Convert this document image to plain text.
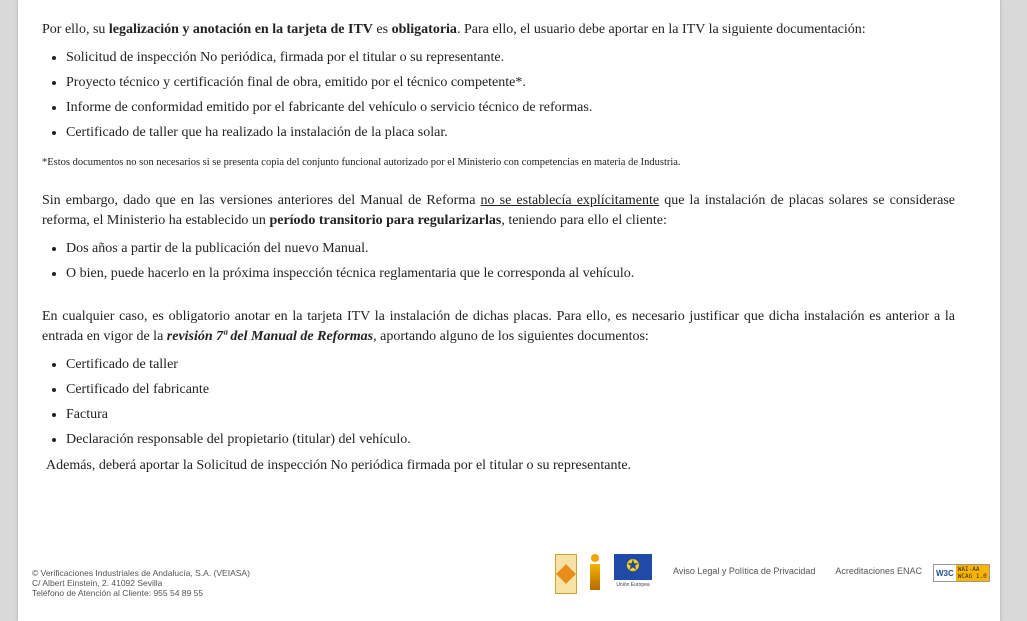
Por ello, su legalización y anotación en la tarjeta de ITV es obligatoria. Para ello, el usuario debe aportar en la ITV la siguiente documentación:

• Solicitud de inspección No periódica, firmada por el titular o su representante.
• Proyecto técnico y certificación final de obra, emitido por el técnico competente*.
• Informe de conformidad emitido por el fabricante del vehículo o servicio técnico de reformas.
• Certificado de taller que ha realizado la instalación de la placa solar.

*Estos documentos no son necesarios si se presenta copia del conjunto funcional autorizado por el Ministerio con competencias en materia de Industria.

Sin embargo, dado que en las versiones anteriores del Manual de Reforma no se establecía explícitamente que la instalación de placas solares se considerase reforma, el Ministerio ha establecido un período transitorio para regularizarlas, teniendo para ello el cliente:

• Dos años a partir de la publicación del nuevo Manual.
• O bien, puede hacerlo en la próxima inspección técnica reglamentaria que le corresponda al vehículo.

En cualquier caso, es obligatorio anotar en la tarjeta ITV la instalación de dichas placas. Para ello, es necesario justificar que dicha instalación es anterior a la entrada en vigor de la revisión 7ª del Manual de Reformas, aportando alguno de los siguientes documentos:

• Certificado de taller
• Certificado del fabricante
• Factura
• Declaración responsable del propietario (titular) del vehículo.

Además, deberá aportar la Solicitud de inspección No periódica firmada por el titular o su representante.

© Verificaciones Industriales de Andalucía, S.A. (VEIASA)
C/ Albert Einstein, 2. 41092 Sevilla
Teléfono de Atención al Cliente: 955 54 89 55
✪
Unión Europea
Aviso Legal y Política de Privacidad Acreditaciones ENAC W3C WAI-AA
WCAG 1.0
